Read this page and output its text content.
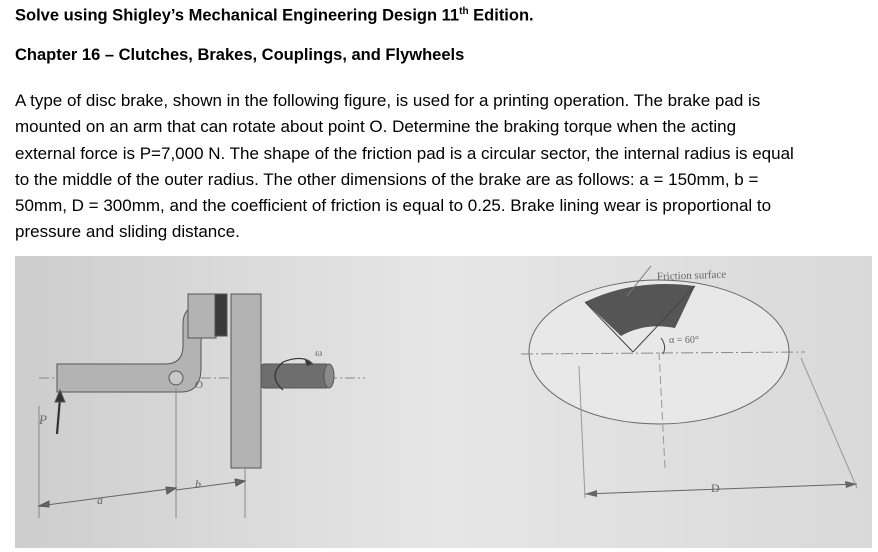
Solve using Shigley’s Mechanical Engineering Design 11th Edition.
Chapter 16 – Clutches, Brakes, Couplings, and Flywheels
A type of disc brake, shown in the following figure, is used for a printing operation. The brake pad is
mounted on an arm that can rotate about point O. Determine the braking torque when the acting
external force is P=7,000 N. The shape of the friction pad is a circular sector, the internal radius is equal
to the middle of the outer radius. The other dimensions of the brake are as follows: a = 150mm, b =
50mm, D = 300mm, and the coefficient of friction is equal to 0.25. Brake lining wear is proportional to
pressure and sliding distance.
P
O
ω
a
b
Friction surface
α = 60°
D
